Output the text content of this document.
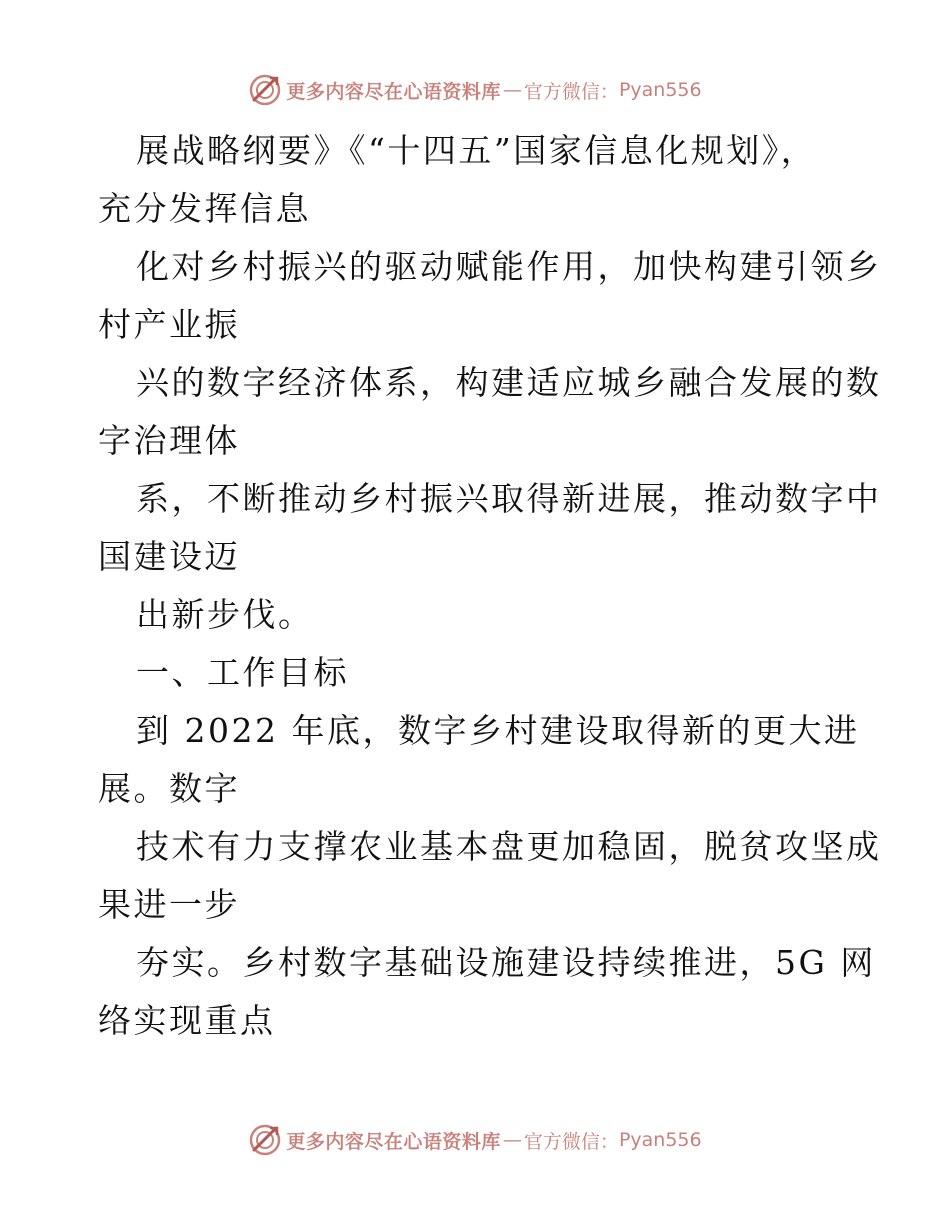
更多内容尽在心语资料库 — 官方微信： Pyan556
展战略纲要》《“十四五”国家信息化规划》，
充分发挥信息
化对乡村振兴的驱动赋能作用，加快构建引领乡
村产业振
兴的数字经济体系，构建适应城乡融合发展的数
字治理体
系，不断推动乡村振兴取得新进展，推动数字中
国建设迈
出新步伐。
一、工作目标
到 2022 年底，数字乡村建设取得新的更大进
展。数字
技术有力支撑农业基本盘更加稳固，脱贫攻坚成
果进一步
夯实。乡村数字基础设施建设持续推进，5G 网
络实现重点
更多内容尽在心语资料库 — 官方微信： Pyan556
